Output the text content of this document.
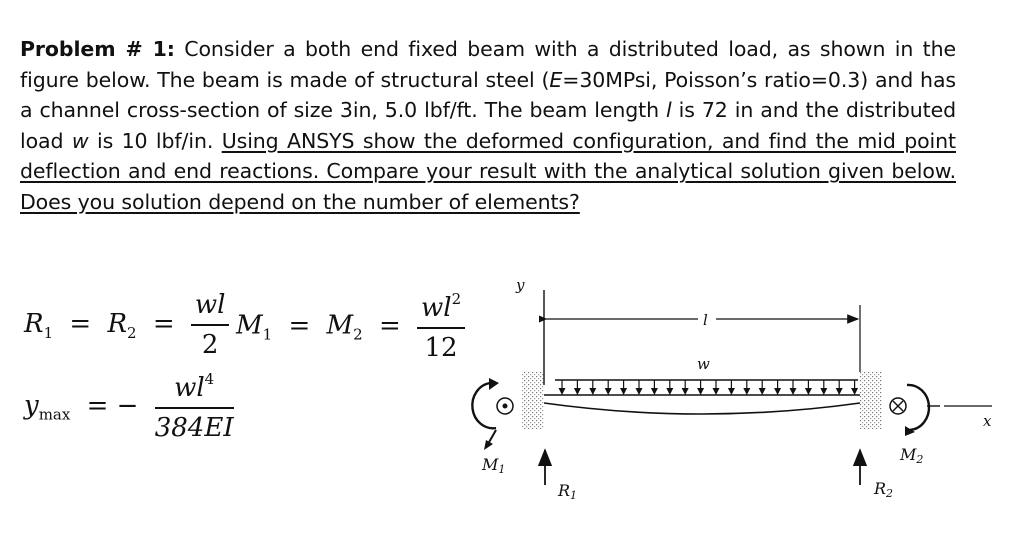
Problem # 1: Consider a both end fixed beam with a distributed load, as shown in the figure below. The beam is made of structural steel (E=30MPsi, Poisson’s ratio=0.3) and has a channel cross-section of size 3in, 5.0 lbf/ft. The beam length l is 72 in and the distributed load w is 10 lbf/in. Using ANSYS show the deformed configuration, and find the mid point deflection and end reactions. Compare your result with the analytical solution given below. Does you solution depend on the number of elements?
$R_1 = R_2 = \frac{wl}{2} M_1 = M_2 = \frac{wl^2}{12}$
$y_{max}$ = − $\frac{wl^4}{384EI}$
y
l
w
M1
R1
M2
R2
x
